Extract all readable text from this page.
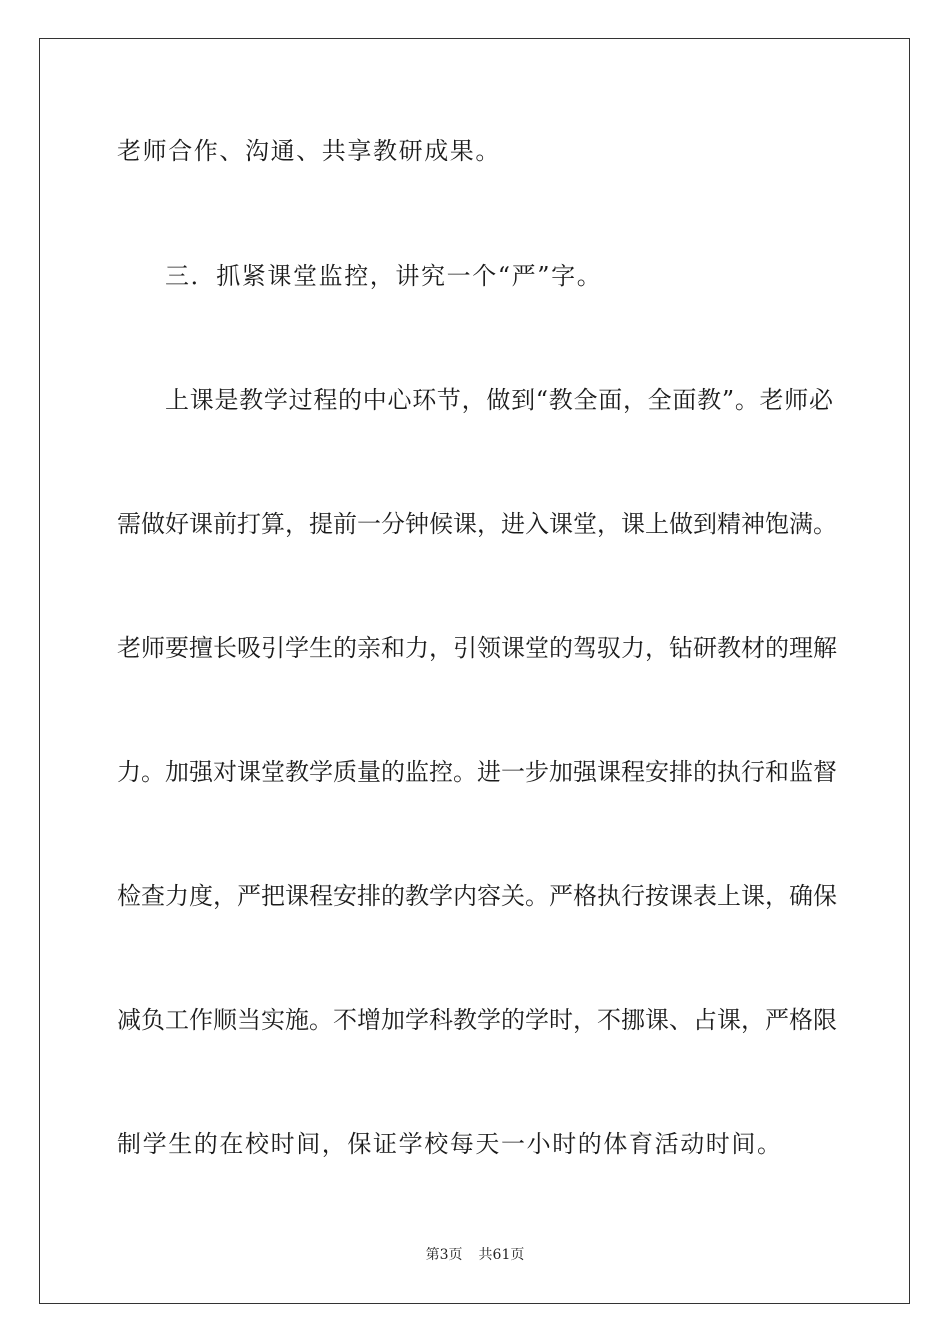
老师合作、沟通、共享教研成果。
三．抓紧课堂监控，讲究一个“严”字。
上课是教学过程的中心环节，做到“教全面，全面教”。老师必
需做好课前打算，提前一分钟候课，进入课堂，课上做到精神饱满。
老师要擅长吸引学生的亲和力，引领课堂的驾驭力，钻研教材的理解
力。加强对课堂教学质量的监控。进一步加强课程安排的执行和监督
检查力度，严把课程安排的教学内容关。严格执行按课表上课，确保
减负工作顺当实施。不增加学科教学的学时，不挪课、占课，严格限
制学生的在校时间，保证学校每天一小时的体育活动时间。
第3页 共61页
